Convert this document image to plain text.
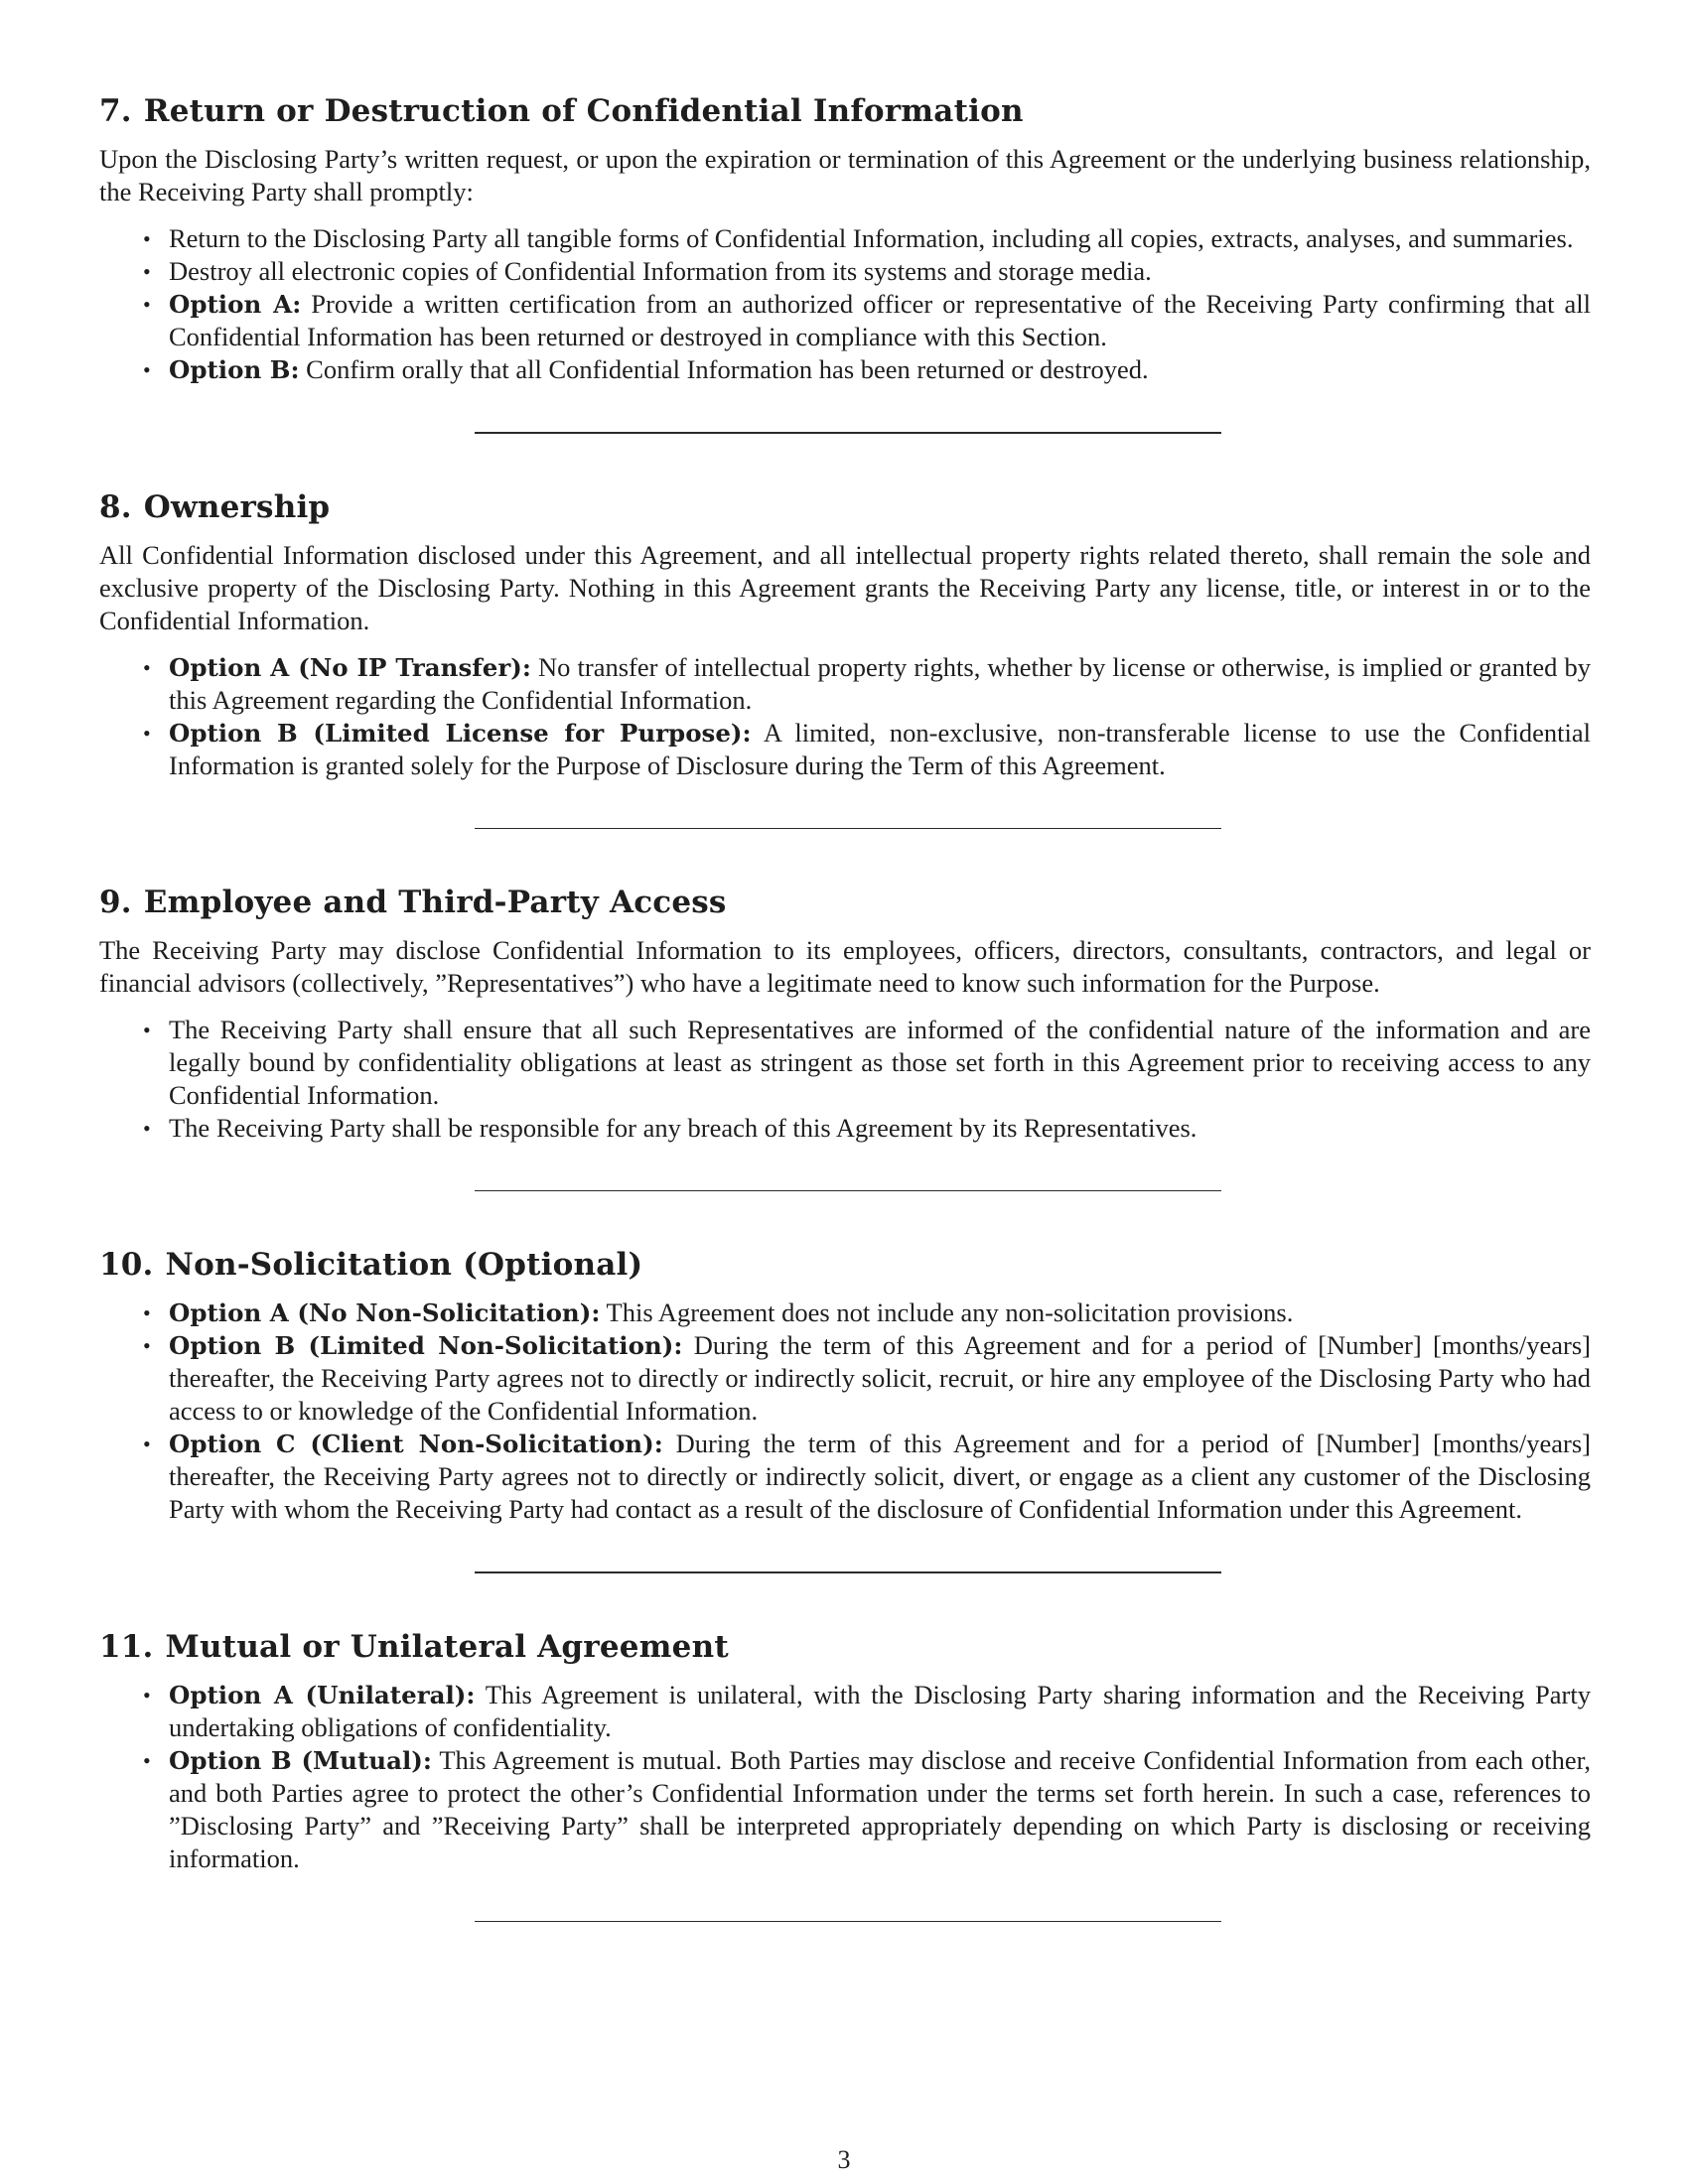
7. Return or Destruction of Confidential Information

Upon the Disclosing Party’s written request, or upon the expiration or termination of this Agreement or the underlying business relationship, the Receiving Party shall promptly:

• Return to the Disclosing Party all tangible forms of Confidential Information, including all copies, extracts, analyses, and summaries.
• Destroy all electronic copies of Confidential Information from its systems and storage media.
• Option A: Provide a written certification from an authorized officer or representative of the Receiving Party confirming that all Confidential Information has been returned or destroyed in compliance with this Section.
• Option B: Confirm orally that all Confidential Information has been returned or destroyed.
8. Ownership

All Confidential Information disclosed under this Agreement, and all intellectual property rights related thereto, shall remain the sole and exclusive property of the Disclosing Party. Nothing in this Agreement grants the Receiving Party any license, title, or interest in or to the Confidential Information.

• Option A (No IP Transfer): No transfer of intellectual property rights, whether by license or otherwise, is implied or granted by this Agreement regarding the Confidential Information.
• Option B (Limited License for Purpose): A limited, non-exclusive, non-transferable license to use the Confidential Information is granted solely for the Purpose of Disclosure during the Term of this Agreement.
9. Employee and Third-Party Access

The Receiving Party may disclose Confidential Information to its employees, officers, directors, consultants, contractors, and legal or financial advisors (collectively, ”Representatives”) who have a legitimate need to know such information for the Purpose.

• The Receiving Party shall ensure that all such Representatives are informed of the confidential nature of the information and are legally bound by confidentiality obligations at least as stringent as those set forth in this Agreement prior to receiving access to any Confidential Information.
• The Receiving Party shall be responsible for any breach of this Agreement by its Representatives.
10. Non-Solicitation (Optional)
• Option A (No Non-Solicitation): This Agreement does not include any non-solicitation provisions.
• Option B (Limited Non-Solicitation): During the term of this Agreement and for a period of [Number] [months/years] thereafter, the Receiving Party agrees not to directly or indirectly solicit, recruit, or hire any employee of the Disclosing Party who had access to or knowledge of the Confidential Information.
• Option C (Client Non-Solicitation): During the term of this Agreement and for a period of [Number] [months/years] thereafter, the Receiving Party agrees not to directly or indirectly solicit, divert, or engage as a client any customer of the Disclosing Party with whom the Receiving Party had contact as a result of the disclosure of Confidential Information under this Agreement.
11. Mutual or Unilateral Agreement
• Option A (Unilateral): This Agreement is unilateral, with the Disclosing Party sharing information and the Receiving Party undertaking obligations of confidentiality.
• Option B (Mutual): This Agreement is mutual. Both Parties may disclose and receive Confidential Information from each other, and both Parties agree to protect the other’s Confidential Information under the terms set forth herein. In such a case, references to ”Disclosing Party” and ”Receiving Party” shall be interpreted appropriately depending on which Party is disclosing or receiving information.
3
